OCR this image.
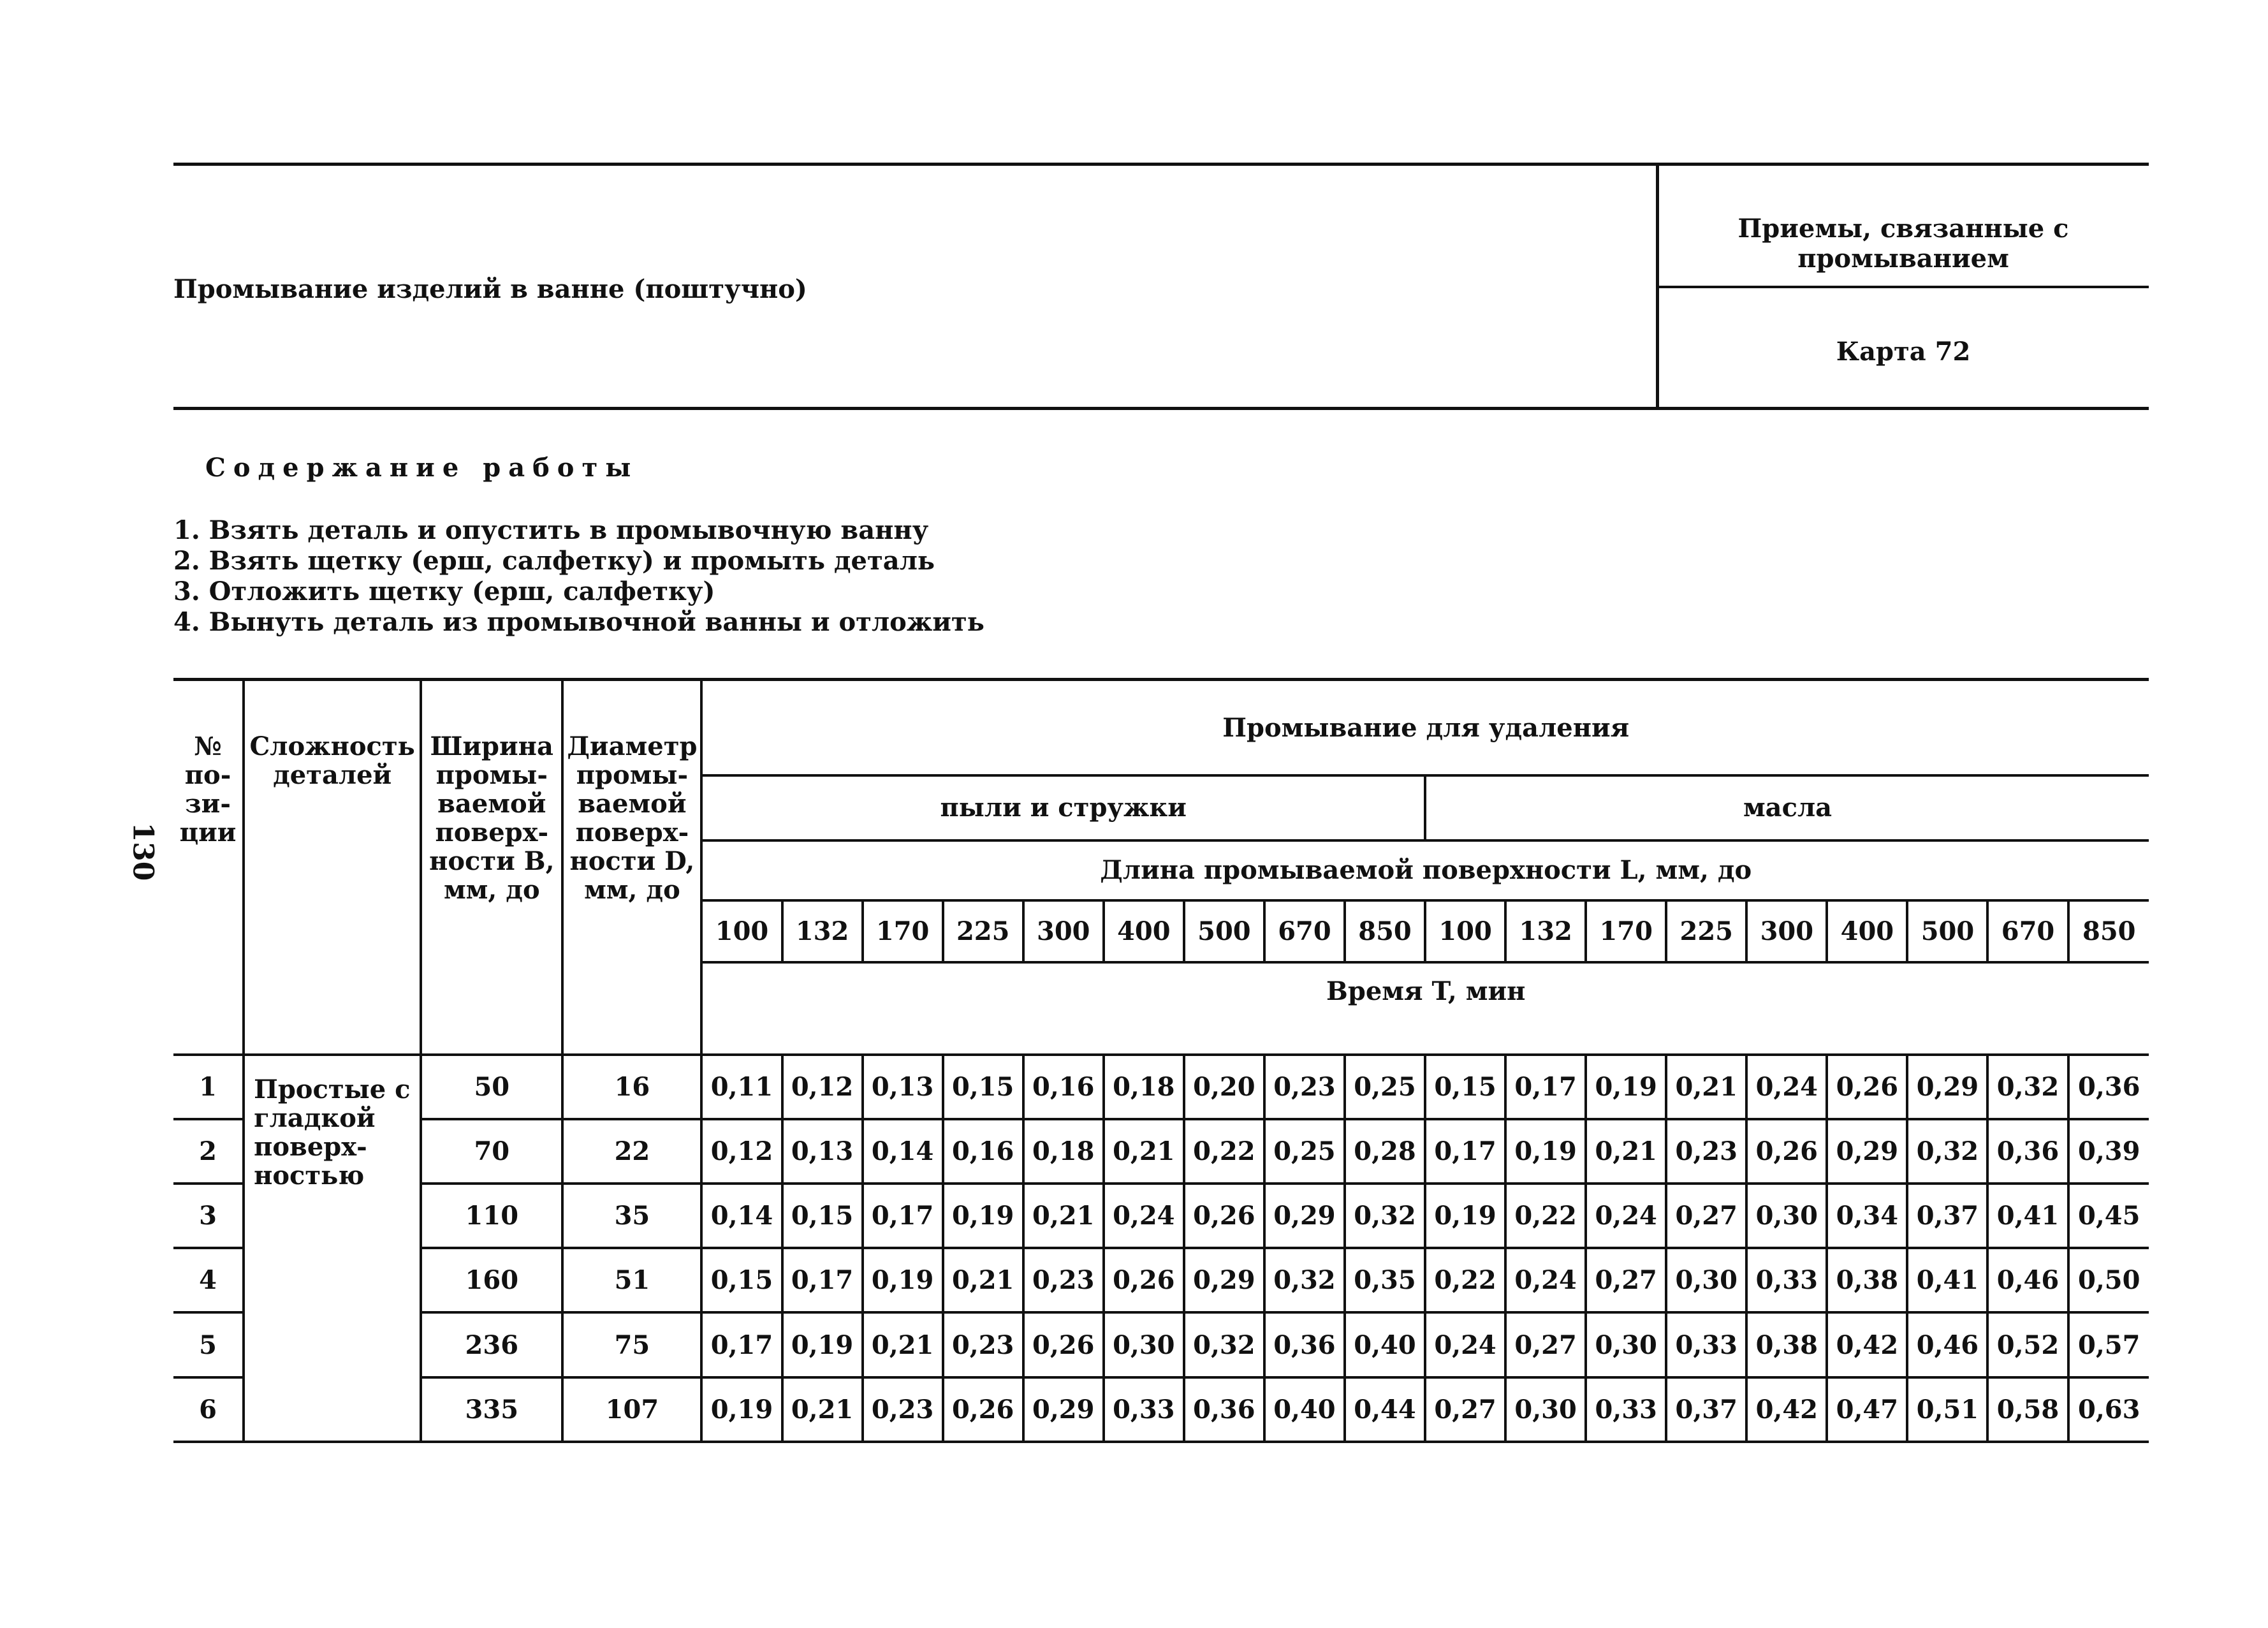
Промывание изделий в ванне (поштучно)
Приемы, связанные с промыванием
Карта 72
Содержание работы
1. Взять деталь и опустить в промывочную ванну
2. Взять щетку (ерш, салфетку) и промыть деталь
3. Отложить щетку (ерш, салфетку)
4. Вынуть деталь из промывочной ванны и отложить
130
№ по-зи-ции	Сложность деталей	Ширина промы-ваемой поверх-ности B, мм, до	Диаметр промы-ваемой поверх-ности D, мм, до	Промывание для удаления																	
				пыли и стружки									масла								
				Длина промываемой поверхности L, мм, до																	
				100	132	170	225	300	400	500	670	850	100	132	170	225	300	400	500	670	850
				Время T, мин																	
1	Простые с гладкой поверх-ностью	50	16	0,11	0,12	0,13	0,15	0,16	0,18	0,20	0,23	0,25	0,15	0,17	0,19	0,21	0,24	0,26	0,29	0,32	0,36
2		70	22	0,12	0,13	0,14	0,16	0,18	0,21	0,22	0,25	0,28	0,17	0,19	0,21	0,23	0,26	0,29	0,32	0,36	0,39
3		110	35	0,14	0,15	0,17	0,19	0,21	0,24	0,26	0,29	0,32	0,19	0,22	0,24	0,27	0,30	0,34	0,37	0,41	0,45
4		160	51	0,15	0,17	0,19	0,21	0,23	0,26	0,29	0,32	0,35	0,22	0,24	0,27	0,30	0,33	0,38	0,41	0,46	0,50
5		236	75	0,17	0,19	0,21	0,23	0,26	0,30	0,32	0,36	0,40	0,24	0,27	0,30	0,33	0,38	0,42	0,46	0,52	0,57
6		335	107	0,19	0,21	0,23	0,26	0,29	0,33	0,36	0,40	0,44	0,27	0,30	0,33	0,37	0,42	0,47	0,51	0,58	0,63
